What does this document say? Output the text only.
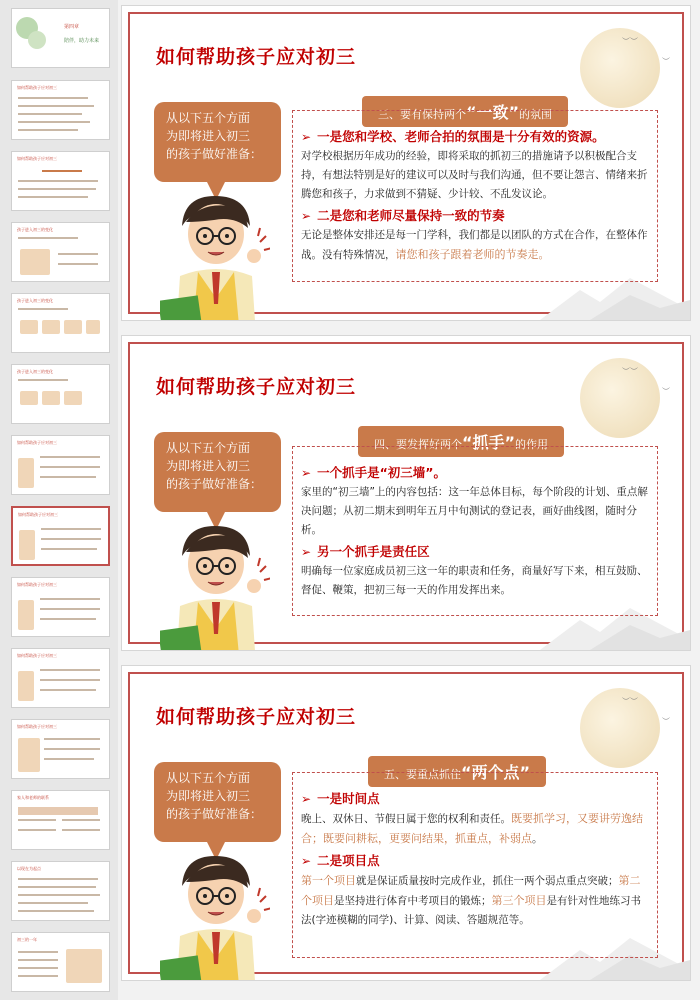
第四章
陪伴，助力未来
如何帮助孩子应对初三
如何帮助孩子应对初三
孩子进入初三的变化
孩子进入初三的变化
孩子进入初三的变化
如何帮助孩子应对初三
如何帮助孩子应对初三
如何帮助孩子应对初三
如何帮助孩子应对初三
如何帮助孩子应对初三
家人和老师的联系
以现在为起点
初三的一年
︶︶
︶
如何帮助孩子应对初三
从以下五个方面
为即将进入初三
的孩子做好准备：
三、要有保持两个“一致”的氛围
➢ 一是您和学校、老师合拍的氛围是十分有效的资源。

对学校根据历年成功的经验，即将采取的抓初三的措施请予以积极配合支持，有想法特别是好的建议可以及时与我们沟通，但不要让怨言、情绪来折腾您和孩子，力求做到不猜疑、少计较、不乱发议论。

➢ 二是您和老师尽量保持一致的节奏

无论是整体安排还是每一门学科，我们都是以团队的方式在合作，在整体作战。没有特殊情况，请您和孩子跟着老师的节奏走。

︶︶
︶
如何帮助孩子应对初三
从以下五个方面
为即将进入初三
的孩子做好准备：
四、要发挥好两个“抓手”的作用
➢ 一个抓手是“初三墙”。

家里的“初三墙”上的内容包括：这一年总体目标，每个阶段的计划、重点解决问题；从初二期末到明年五月中旬测试的登记表，画好曲线图，随时分析。

➢ 另一个抓手是责任区

明确每一位家庭成员初三这一年的职责和任务，商量好写下来，相互鼓励、督促、鞭策，把初三每一天的作用发挥出来。

︶︶
︶
如何帮助孩子应对初三
从以下五个方面
为即将进入初三
的孩子做好准备：
五、要重点抓住“两个点”
➢ 一是时间点

晚上、双休日、节假日属于您的权利和责任。既要抓学习，又要讲劳逸结合；既要问耕耘，更要问结果，抓重点，补弱点。

➢ 二是项目点

第一个项目就是保证质量按时完成作业，抓住一两个弱点重点突破；第二个项目是坚持进行体育中考项目的锻炼；第三个项目是有针对性地练习书法(字迹模糊的同学)、计算、阅读、答题规范等。
